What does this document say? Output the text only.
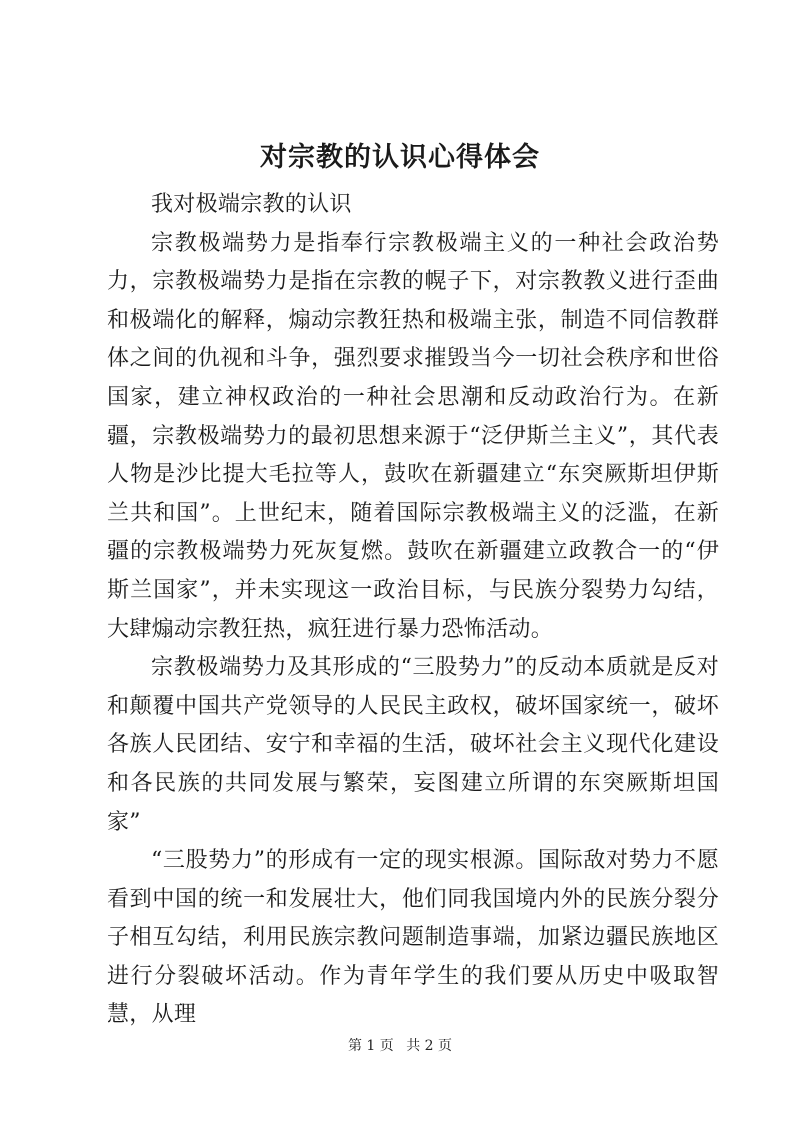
对宗教的认识心得体会

我对极端宗教的认识

宗教极端势力是指奉行宗教极端主义的一种社会政治势力，宗教极端势力是指在宗教的幌子下，对宗教教义进行歪曲和极端化的解释，煽动宗教狂热和极端主张，制造不同信教群体之间的仇视和斗争，强烈要求摧毁当今一切社会秩序和世俗国家，建立神权政治的一种社会思潮和反动政治行为。在新疆，宗教极端势力的最初思想来源于“泛伊斯兰主义”，其代表人物是沙比提大毛拉等人，鼓吹在新疆建立“东突厥斯坦伊斯兰共和国”。上世纪末，随着国际宗教极端主义的泛滥，在新疆的宗教极端势力死灰复燃。鼓吹在新疆建立政教合一的“伊斯兰国家”，并未实现这一政治目标，与民族分裂势力勾结，大肆煽动宗教狂热，疯狂进行暴力恐怖活动。

宗教极端势力及其形成的“三股势力”的反动本质就是反对和颠覆中国共产党领导的人民民主政权，破坏国家统一，破坏各族人民团结、安宁和幸福的生活，破坏社会主义现代化建设和各民族的共同发展与繁荣，妄图建立所谓的东突厥斯坦国家”

“三股势力”的形成有一定的现实根源。国际敌对势力不愿看到中国的统一和发展壮大，他们同我国境内外的民族分裂分子相互勾结，利用民族宗教问题制造事端，加紧边疆民族地区进行分裂破坏活动。作为青年学生的我们要从历史中吸取智慧，从理

第 1 页 共 2 页
